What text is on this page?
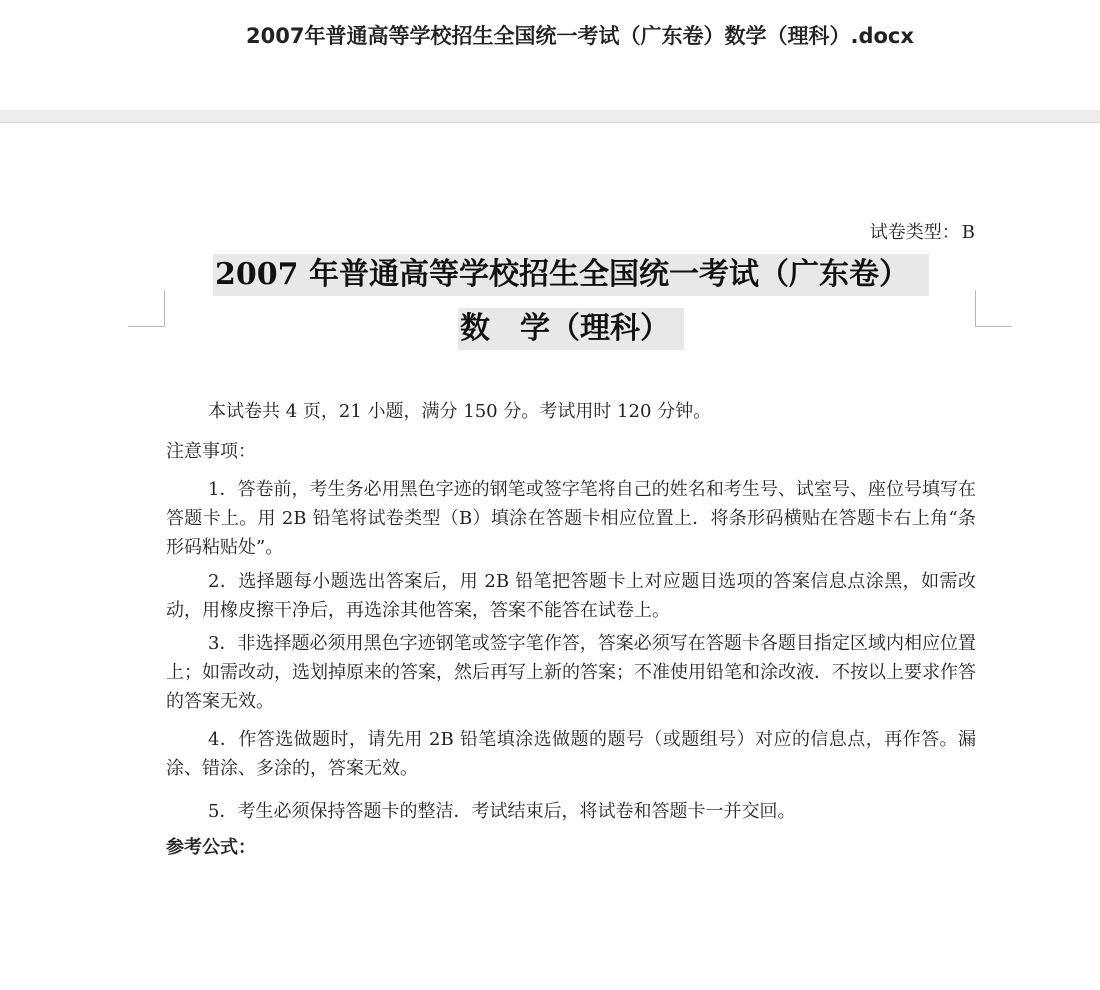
2007年普通高等学校招生全国统一考试（广东卷）数学（理科）.docx
试卷类型： B
2007 年普通高等学校招生全国统一考试（广东卷）
数 学（理科）

本试卷共 4 页，21 小题，满分 150 分。考试用时 120 分钟。

注意事项：

1．答卷前，考生务必用黑色字迹的钢笔或签字笔将自己的姓名和考生号、试室号、座位号填写在答题卡上。用 2B 铅笔将试卷类型（B）填涂在答题卡相应位置上．将条形码横贴在答题卡右上角“条形码粘贴处”。

2．选择题每小题选出答案后，用 2B 铅笔把答题卡上对应题目选项的答案信息点涂黑，如需改动，用橡皮擦干净后，再选涂其他答案，答案不能答在试卷上。

3．非选择题必须用黑色字迹钢笔或签字笔作答，答案必须写在答题卡各题目指定区域内相应位置上；如需改动，选划掉原来的答案，然后再写上新的答案；不准使用铅笔和涂改液．不按以上要求作答的答案无效。

4．作答选做题时，请先用 2B 铅笔填涂选做题的题号（或题组号）对应的信息点，再作答。漏涂、错涂、多涂的，答案无效。

5．考生必须保持答题卡的整洁．考试结束后，将试卷和答题卡一并交回。

参考公式：
